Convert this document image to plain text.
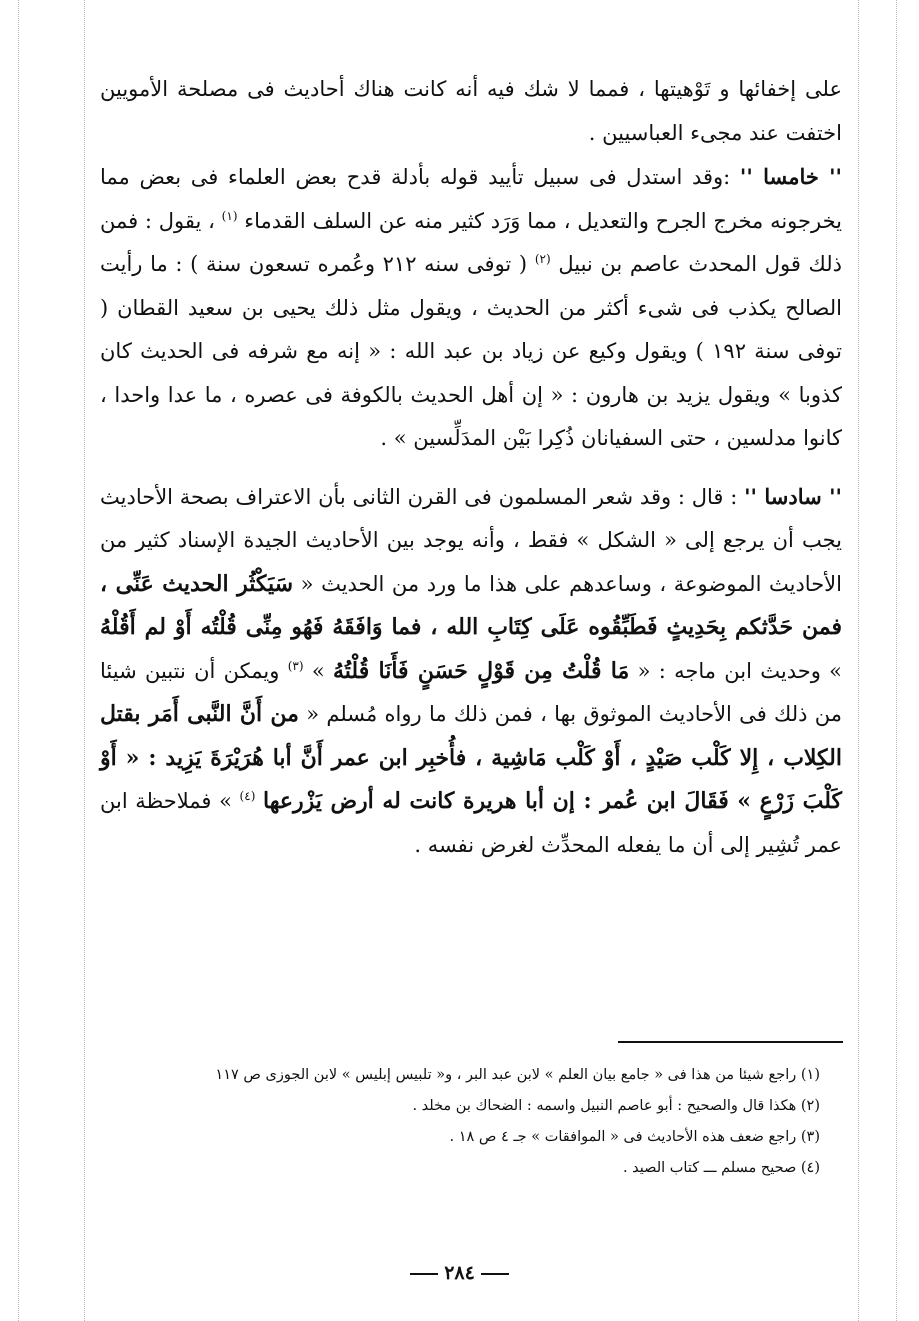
على إخفائها و تَوْهيتها ، فمما لا شك فيه أنه كانت هناك أحاديث فى مصلحة الأمويين اختفت عند مجىء العباسيين .

'' خامسا '' :وقد استدل فى سبيل تأييد قوله بأدلة قدح بعض العلماء فى بعض مما يخرجونه مخرج الجرح والتعديل ، مما وَرَد كثير منه عن السلف القدماء $^{(١)}$ ، يقول : فمن ذلك قول المحدث عاصم بن نبيل $^{(٢)}$ ( توفى سنه ٢١٢ وعُمره تسعون سنة ) : ما رأيت الصالح يكذب فى شىء أكثر من الحديث ، ويقول مثل ذلك يحيى بن سعيد القطان ( توفى سنة ١٩٢ ) ويقول وكيع عن زياد بن عبد الله : « إنه مع شرفه فى الحديث كان كذوبا » ويقول يزيد بن هارون : « إن أهل الحديث بالكوفة فى عصره ، ما عدا واحدا ، كانوا مدلسين ، حتى السفيانان ذُكِرا بَيْن المدَلِّسين » .

'' سادسا '' : قال : وقد شعر المسلمون فى القرن الثانى بأن الاعتراف بصحة الأحاديث يجب أن يرجع إلى « الشكل » فقط ، وأنه يوجد بين الأحاديث الجيدة الإسناد كثير من الأحاديث الموضوعة ، وساعدهم على هذا ما ورد من الحديث « سَيَكْثُر الحديث عَنِّى ، فمن حَدَّثكم بِحَدِيثٍ فَطَبِّقُوه عَلَى كِتَابِ الله ، فما وَافَقَهُ فَهُو مِنِّى قُلْتُه أَوْ لم أَقُلْهُ » وحديث ابن ماجه : « مَا قُلْتُ مِن قَوْلٍ حَسَنٍ فَأَنَا قُلْتُهُ » $^{(٣)}$ ويمكن أن نتبين شيئا من ذلك فى الأحاديث الموثوق بها ، فمن ذلك ما رواه مُسلم « من أَنَّ النَّبى أَمَر بقتل الكِلاب ، إِلا كَلْب صَيْدٍ ، أَوْ كَلْب مَاشِية ، فأُخبِر ابن عمر أَنَّ أبا هُرَيْرَةَ يَزِيد : « أَوْ كَلْبَ زَرْعٍ » فَقَالَ ابن عُمر : إن أبا هريرة كانت له أرض يَزْرعها $^{(٤)}$ » فملاحظة ابن عمر تُشِير إلى أن ما يفعله المحدِّث لغرض نفسه .

(١) راجع شيئا من هذا فى « جامع بيان العلم » لابن عبد البر ، و« تلبيس إبليس » لابن الجوزى ص ١١٧

(٢) هكذا قال والصحيح : أبو عاصم النبيل واسمه : الضحاك بن مخلد .

(٣) راجع ضعف هذه الأحاديث فى « الموافقات » جـ ٤ ص ١٨ .

(٤) صحيح مسلم ـــ كتاب الصيد .

٢٨٤
